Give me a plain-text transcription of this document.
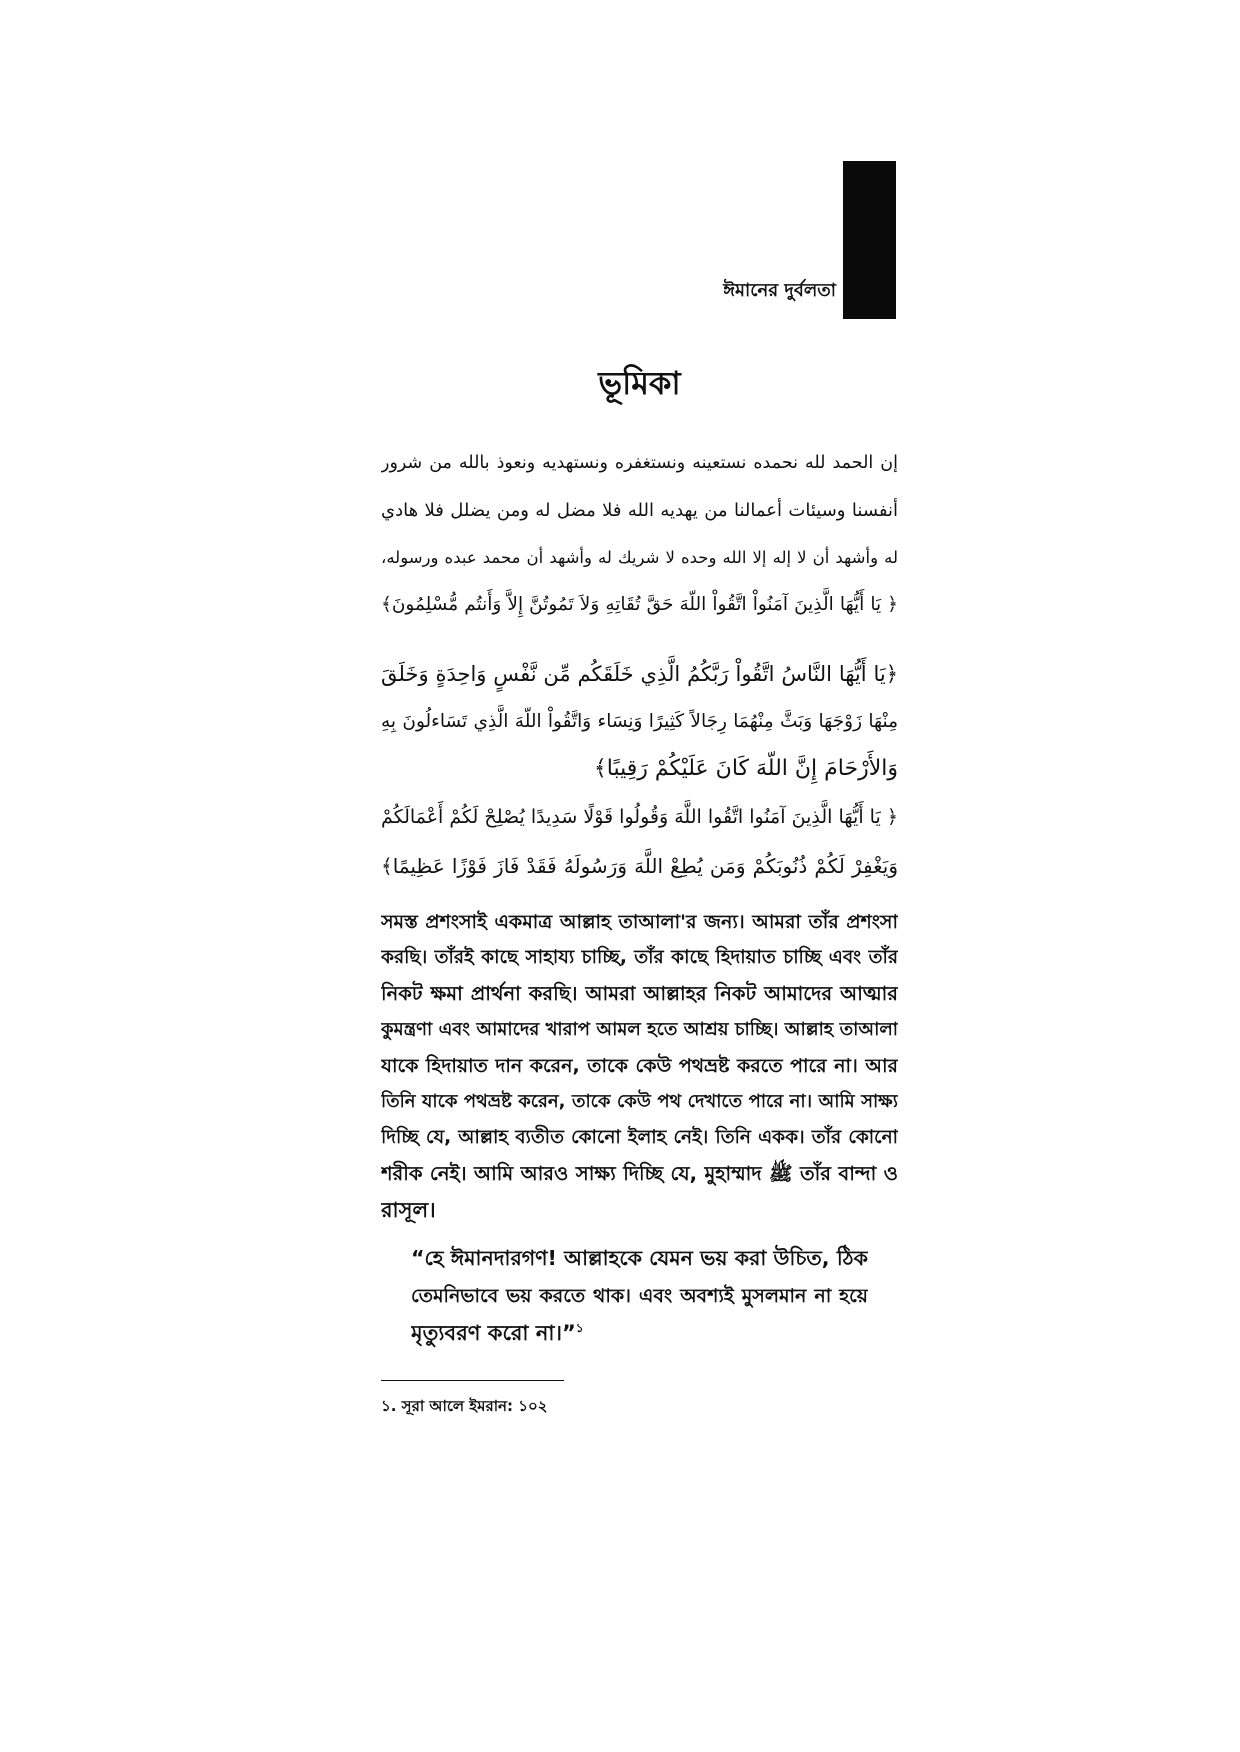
ঈমানের দুর্বলতা
ভূমিকা
إن الحمد لله نحمده نستعينه ونستغفره ونستهديه ونعوذ بالله من شرور
أنفسنا وسيئات أعمالنا من يهديه الله فلا مضل له ومن يضلل فلا هادي
له وأشهد أن لا إله إلا الله وحده لا شريك له وأشهد أن محمد عبده ورسوله،
﴿ يَا أَيُّهَا الَّذِينَ آمَنُواْ اتَّقُواْ اللّهَ حَقَّ تُقَاتِهِ وَلاَ تَمُوتُنَّ إِلاَّ وَأَنتُم مُّسْلِمُونَ﴾
﴿يَا أَيُّهَا النَّاسُ اتَّقُواْ رَبَّكُمُ الَّذِي خَلَقَكُم مِّن نَّفْسٍ وَاحِدَةٍ وَخَلَقَ
مِنْهَا زَوْجَهَا وَبَثَّ مِنْهُمَا رِجَالاً كَثِيرًا وَنِسَاء وَاتَّقُواْ اللّهَ الَّذِي تَسَاءلُونَ بِهِ
وَالأَرْحَامَ إِنَّ اللّهَ كَانَ عَلَيْكُمْ رَقِيبًا﴾
﴿ يَا أَيُّهَا الَّذِينَ آمَنُوا اتَّقُوا اللَّهَ وَقُولُوا قَوْلًا سَدِيدًا يُصْلِحْ لَكُمْ أَعْمَالَكُمْ
وَيَغْفِرْ لَكُمْ ذُنُوبَكُمْ وَمَن يُطِعْ اللَّهَ وَرَسُولَهُ فَقَدْ فَازَ فَوْزًا عَظِيمًا﴾
সমস্ত প্রশংসাই একমাত্র আল্লাহ তাআলা'র জন্য। আমরা তাঁর প্রশংসা
করছি। তাঁরই কাছে সাহায্য চাচ্ছি, তাঁর কাছে হিদায়াত চাচ্ছি এবং তাঁর
নিকট ক্ষমা প্রার্থনা করছি। আমরা আল্লাহর নিকট আমাদের আত্মার
কুমন্ত্রণা এবং আমাদের খারাপ আমল হতে আশ্রয় চাচ্ছি। আল্লাহ তাআলা
যাকে হিদায়াত দান করেন, তাকে কেউ পথভ্রষ্ট করতে পারে না। আর
তিনি যাকে পথভ্রষ্ট করেন, তাকে কেউ পথ দেখাতে পারে না। আমি সাক্ষ্য
দিচ্ছি যে, আল্লাহ ব্যতীত কোনো ইলাহ নেই। তিনি একক। তাঁর কোনো
শরীক নেই। আমি আরও সাক্ষ্য দিচ্ছি যে, মুহাম্মাদ ﷺ তাঁর বান্দা ও
রাসূল।
“হে ঈমানদারগণ! আল্লাহকে যেমন ভয় করা উচিত, ঠিক
তেমনিভাবে ভয় করতে থাক। এবং অবশ্যই মুসলমান না হয়ে
মৃত্যুবরণ করো না।”$^১$
১. সূরা আলে ইমরান: ১০২
